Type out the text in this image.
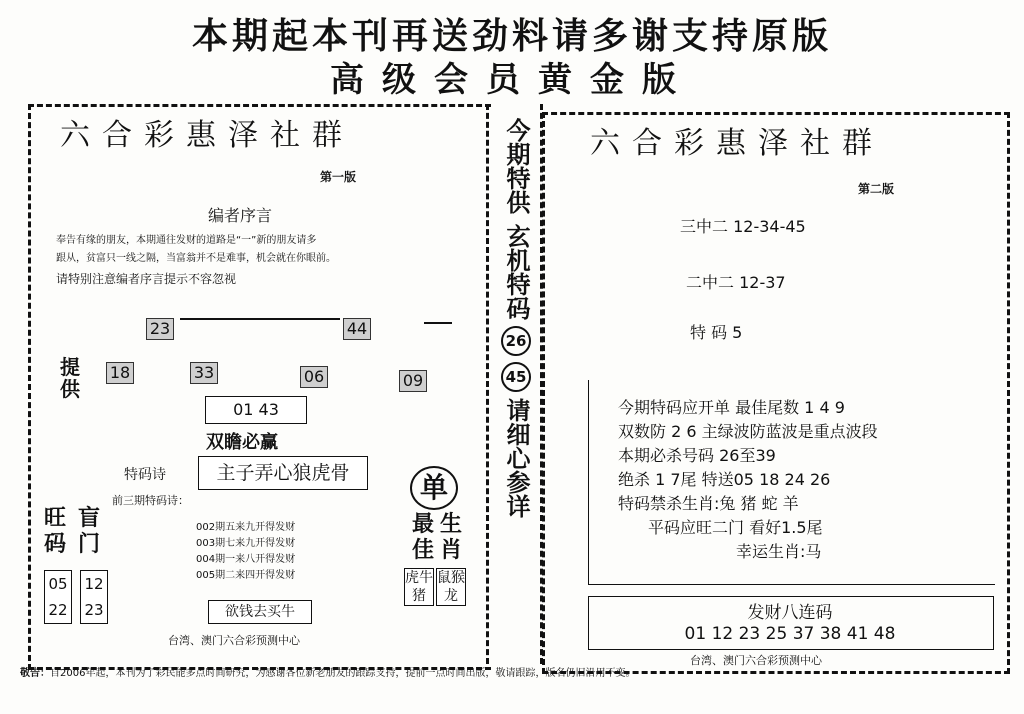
本期起本刊再送劲料请多谢支持原版
高级会员黄金版
六合彩惠泽社群
第一版
编者序言
奉告有缘的朋友，本期通往发财的道路是“一”新的朋友请多
跟从，贫富只一线之隔，当富翁并不是难事，机会就在你眼前。
请特别注意编者序言提示不容忽视
23	44
提供
18	33	06	09
01 43
双瞻必赢
特码诗	主子弄心狼虎骨
前三期特码诗：
002期五来九开得发财
003期七来九开得发财
004期一来八开得发财
005期二来四开得发财
旺码
盲门
05
22
12
23
单
最佳
生肖
虎牛猪
鼠猴龙
欲钱去买牛
台湾、澳门六合彩预测中心
今期特供
玄机特码
26
45
请细心参详
六合彩惠泽社群
第二版
三中二 12-34-45
二中二 12-37
特 码 5
今期特码应开单 最佳尾数 1 4 9
双数防 2 6 主绿波防蓝波是重点波段
本期必杀号码 26至39
绝杀 1 7尾 特送05 18 24 26
特码禁杀生肖:兔 猪 蛇 羊
平码应旺二门 看好1.5尾
幸运生肖:马
发财八连码
01 12 23 25 37 38 41 48
台湾、澳门六合彩预测中心
敬告：自2006年起，本刊为了彩民能多点时间研究，为感谢各位新老朋友的跟踪支持，提前一点时间出版，敬请跟踪，版名仍旧沿用不变。
